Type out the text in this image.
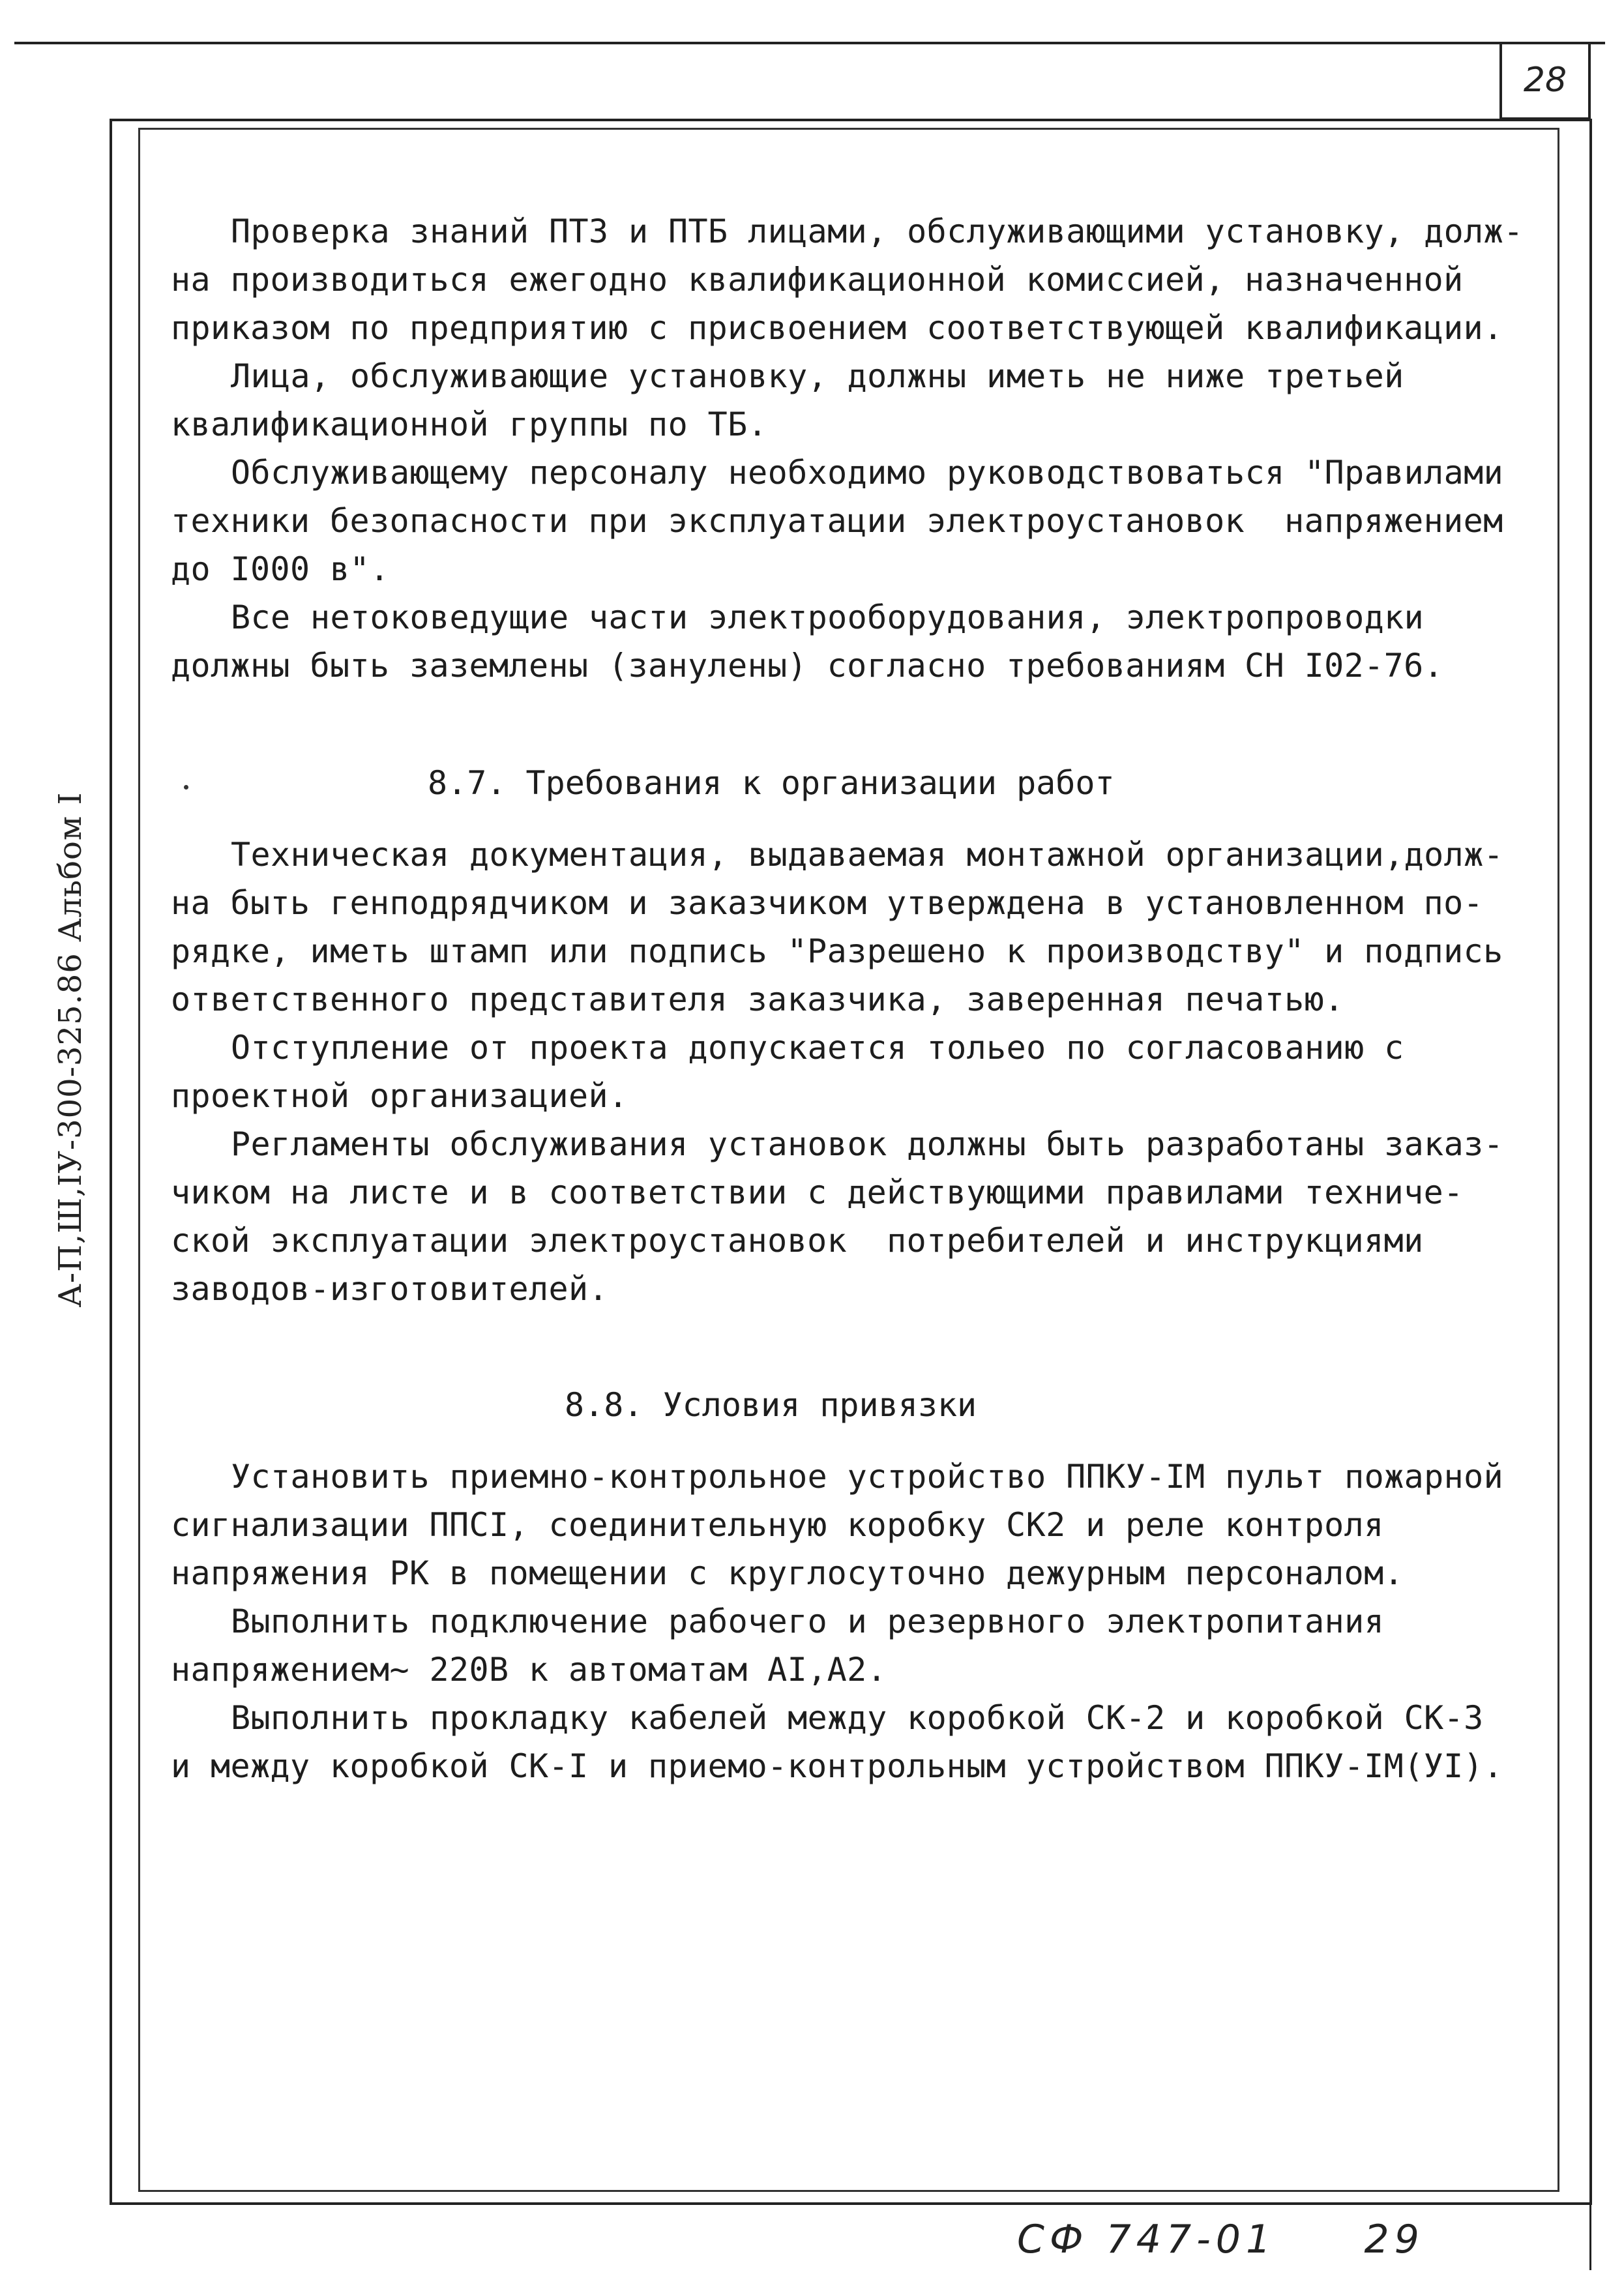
28
А-П,Ш,IУ-300-325.86 Альбом I
Проверка знаний ПТЗ и ПТБ лицами, обслуживающими установку, долж-
на производиться ежегодно квалификационной комиссией, назначенной
приказом по предприятию с присвоением соответствующей квалификации.
Лица, обслуживающие установку, должны иметь не ниже третьей
квалификационной группы по ТБ.
Обслуживающему персоналу необходимо руководствоваться "Правилами
техники безопасности при эксплуатации электроустановок  напряжением
до I000 в".
Все нетоковедущие части электрооборудования, электропроводки
должны быть заземлены (занулены) согласно требованиям СН I02-76.
8.7. Требования к организации работ
Техническая документация, выдаваемая монтажной организации,долж-
на быть генподрядчиком и заказчиком утверждена в установленном по-
рядке, иметь штамп или подпись "Разрешено к производству" и подпись
ответственного представителя заказчика, заверенная печатью.
Отступление от проекта допускается тольео по согласованию с
проектной организацией.
Регламенты обслуживания установок должны быть разработаны заказ-
чиком на листе и в соответствии с действующими правилами техниче-
ской эксплуатации электроустановок  потребителей и инструкциями
заводов-изготовителей.
8.8. Условия привязки
Установить приемно-контрольное устройство ППКУ-IМ пульт пожарной
сигнализации ППСI, соединительную коробку СК2 и реле контроля
напряжения РК в помещении с круглосуточно дежурным персоналом.
Выполнить подключение рабочего и резервного электропитания
напряжением~ 220В к автоматам АI,А2.
Выполнить прокладку кабелей между коробкой СК-2 и коробкой СК-3
и между коробкой СК-I и приемо-контрольным устройством ППКУ-IМ(УI).
СФ 747-01 29
